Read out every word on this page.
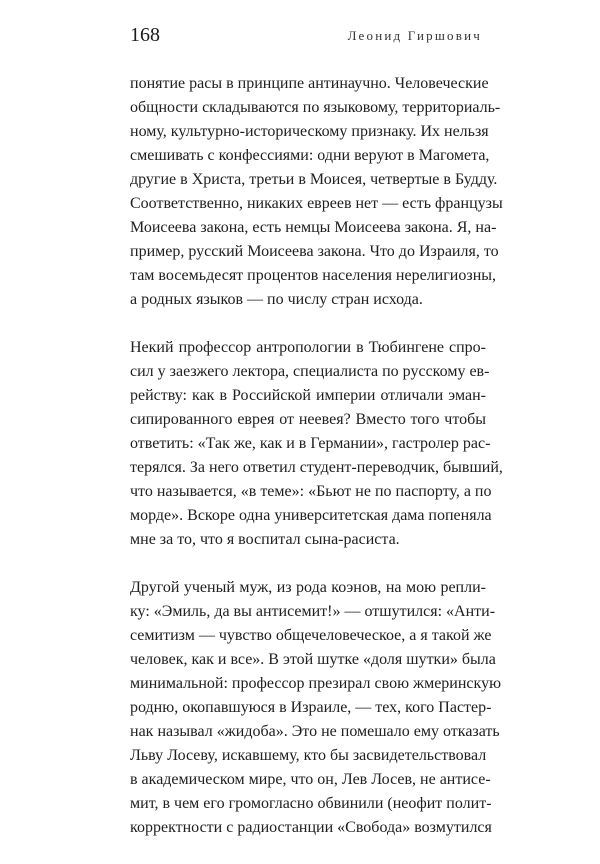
168	Леонид Гиршович
понятие расы в принципе антинаучно. Человеческие
общности складываются по языковому, территориаль-
ному, культурно-историческому признаку. Их нельзя
смешивать с конфессиями: одни веруют в Магомета,
другие в Христа, третьи в Моисея, четвертые в Будду.
Соответственно, никаких евреев нет — есть французы
Моисеева закона, есть немцы Моисеева закона. Я, на-
пример, русский Моисеева закона. Что до Израиля, то
там восемьдесят процентов населения нерелигиозны,
а родных языков — по числу стран исхода.
Некий профессор антропологии в Тюбингене спро-
сил у заезжего лектора, специалиста по русскому ев-
рейству: как в Российской империи отличали эман-
сипированного еврея от неевeя? Вместо того чтобы
ответить: «Так же, как и в Германии», гастролер рас-
терялся. За него ответил студент-переводчик, бывший,
что называется, «в теме»: «Бьют не по паспорту, а по
морде». Вскоре одна университетская дама попеняла
мне за то, что я воспитал сына-расиста.
Другой ученый муж, из рода коэнов, на мою репли-
ку: «Эмиль, да вы антисемит!» — отшутился: «Анти-
семитизм — чувство общечеловеческое, а я такой же
человек, как и все». В этой шутке «доля шутки» была
минимальной: профессор презирал свою жмеринскую
родню, окопавшуюся в Израиле, — тех, кого Пастер-
нак называл «жидоба». Это не помешало ему отказать
Льву Лосеву, искавшему, кто бы засвидетельствовал
в академическом мире, что он, Лев Лосев, не антисе-
мит, в чем его громогласно обвинили (неофит полит-
корректности с радиостанции «Свобода» возмутился
